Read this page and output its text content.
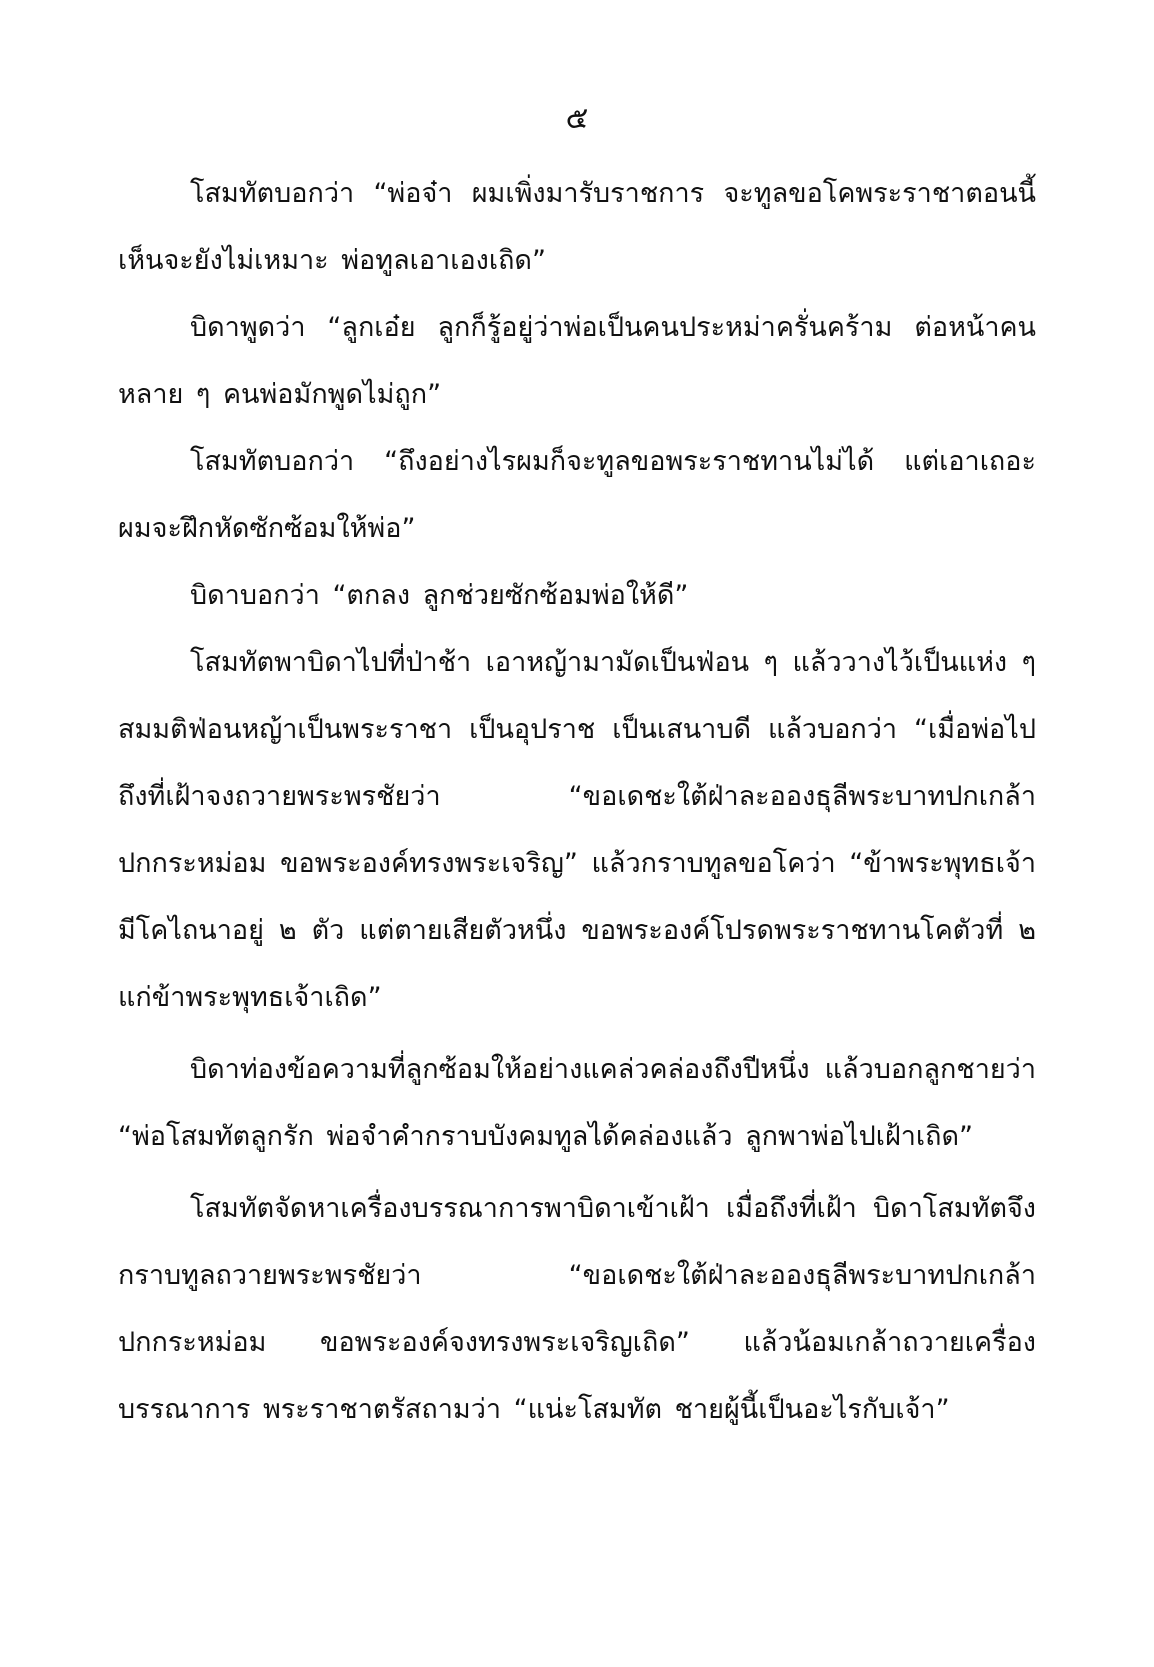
๕

โสมทัตบอกว่า “พ่อจ๋า ผมเพิ่งมารับราชการ จะทูลขอโคพระราชาตอนนี้เห็นจะยังไม่เหมาะ พ่อทูลเอาเองเถิด”

บิดาพูดว่า “ลูกเอ๋ย ลูกก็รู้อยู่ว่าพ่อเป็นคนประหม่าครั่นคร้าม ต่อหน้าคนหลาย ๆ คนพ่อมักพูดไม่ถูก”

โสมทัตบอกว่า “ถึงอย่างไรผมก็จะทูลขอพระราชทานไม่ได้ แต่เอาเถอะ ผมจะฝึกหัดซักซ้อมให้พ่อ”

บิดาบอกว่า “ตกลง ลูกช่วยซักซ้อมพ่อให้ดี”

โสมทัตพาบิดาไปที่ป่าช้า เอาหญ้ามามัดเป็นฟ่อน ๆ แล้ววางไว้เป็นแห่ง ๆ สมมติฟ่อนหญ้าเป็นพระราชา เป็นอุปราช เป็นเสนาบดี แล้วบอกว่า “เมื่อพ่อไปถึงที่เฝ้าจงถวายพระพรชัยว่า “ขอเดชะใต้ฝ่าละอองธุลีพระบาทปกเกล้าปกกระหม่อม ขอพระองค์ทรงพระเจริญ” แล้วกราบทูลขอโคว่า “ข้าพระพุทธเจ้ามีโคไถนาอยู่ ๒ ตัว แต่ตายเสียตัวหนึ่ง ขอพระองค์โปรดพระราชทานโคตัวที่ ๒ แก่ข้าพระพุทธเจ้าเถิด”

บิดาท่องข้อความที่ลูกซ้อมให้อย่างแคล่วคล่องถึงปีหนึ่ง แล้วบอกลูกชายว่า “พ่อโสมทัตลูกรัก พ่อจำคำกราบบังคมทูลได้คล่องแล้ว ลูกพาพ่อไปเฝ้าเถิด”

โสมทัตจัดหาเครื่องบรรณาการพาบิดาเข้าเฝ้า เมื่อถึงที่เฝ้า บิดาโสมทัตจึงกราบทูลถวายพระพรชัยว่า “ขอเดชะใต้ฝ่าละอองธุลีพระบาทปกเกล้าปกกระหม่อม ขอพระองค์จงทรงพระเจริญเถิด” แล้วน้อมเกล้าถวายเครื่องบรรณาการ พระราชาตรัสถามว่า “แน่ะโสมทัต ชายผู้นี้เป็นอะไรกับเจ้า”
